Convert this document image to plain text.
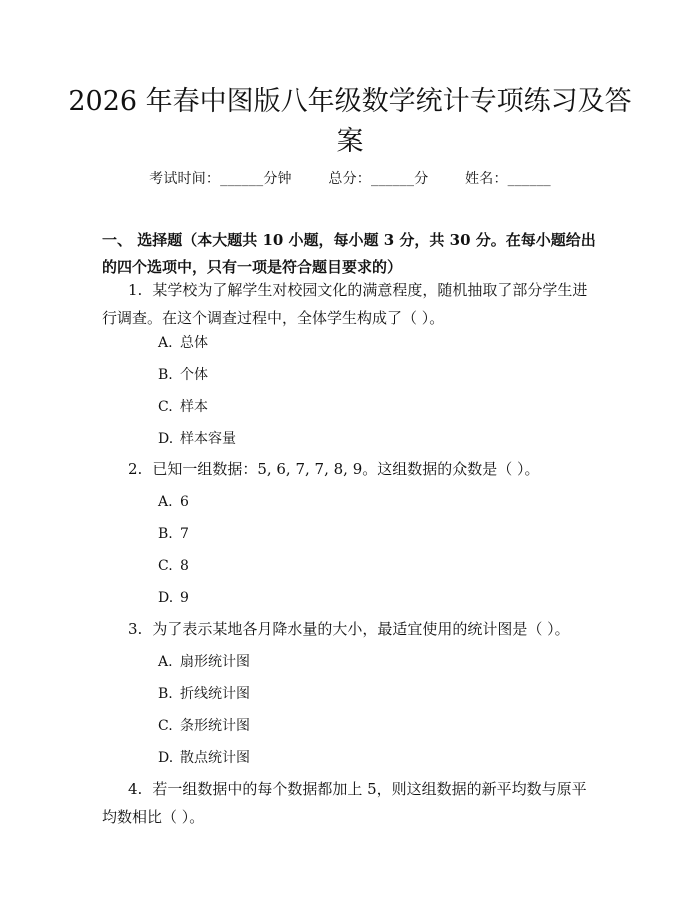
2026 年春中图版八年级数学统计专项练习及答案
考试时间：______分钟	总分：______分	姓名：______

一、 选择题（本大题共 10 小题，每小题 3 分，共 30 分。在每小题给出的四个选项中，只有一项是符合题目要求的）

1. 某学校为了解学生对校园文化的满意程度，随机抽取了部分学生进行调查。在这个调查过程中，全体学生构成了（ ）。

A. 总体

B. 个体

C. 样本

D. 样本容量

2. 已知一组数据：5, 6, 7, 7, 8, 9。这组数据的众数是（ ）。

A. 6

B. 7

C. 8

D. 9

3. 为了表示某地各月降水量的大小，最适宜使用的统计图是（ ）。

A. 扇形统计图

B. 折线统计图

C. 条形统计图

D. 散点统计图

4. 若一组数据中的每个数据都加上 5，则这组数据的新平均数与原平均数相比（ ）。
